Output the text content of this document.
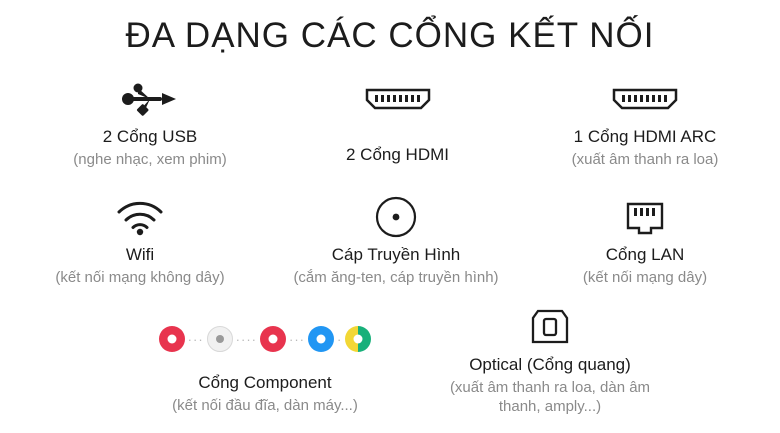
ĐA DẠNG CÁC CỔNG KẾT NỐI
2 Cổng USB
(nghe nhạc, xem phim)	2 Cổng HDMI
1 Cổng HDMI ARC
(xuất âm thanh ra loa)
Wifi
(kết nối mạng không dây)
Cáp Truyền Hình
(cắm ăng-ten, cáp truyền hình)
Cổng LAN
(kết nối mạng dây)
··· ···· ··· ·
Cổng Component
(kết nối đầu đĩa, dàn máy...)
Optical (Cổng quang)
(xuất âm thanh ra loa, dàn âm thanh, amply...)
